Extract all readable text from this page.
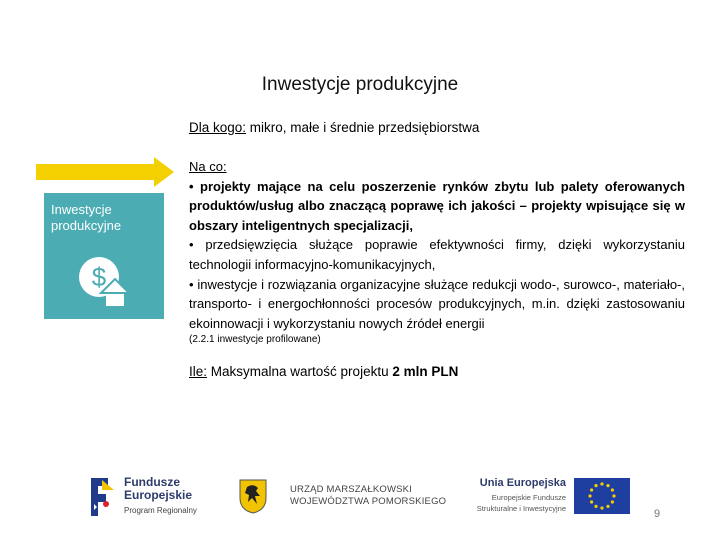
Inwestycje produkcyjne
Dla kogo: mikro, małe i średnie przedsiębiorstwa
Inwestycje produkcyjne
$

Na co:

• projekty mające na celu poszerzenie rynków zbytu lub palety oferowanych produktów/usług albo znaczącą poprawę ich jakości – projekty wpisujące się w obszary inteligentnych specjalizacji,

• przedsięwzięcia służące poprawie efektywności firmy, dzięki wykorzystaniu technologii informacyjno-komunikacyjnych,

• inwestycje i rozwiązania organizacyjne służące redukcji wodo-, surowco-, materiało-, transporto- i energochłonności procesów produkcyjnych, m.in. dzięki zastosowaniu ekoinnowacji i wykorzystaniu nowych źródeł energii

(2.2.1 inwestycje profilowane)

Ile: Maksymalna wartość projektu 2 mln PLN
Fundusze
Europejskie
Program Regionalny
URZĄD MARSZAŁKOWSKI
WOJEWÓDZTWA POMORSKIEGO
Unia Europejska
Europejskie Fundusze
Strukturalne i Inwestycyjne	9
